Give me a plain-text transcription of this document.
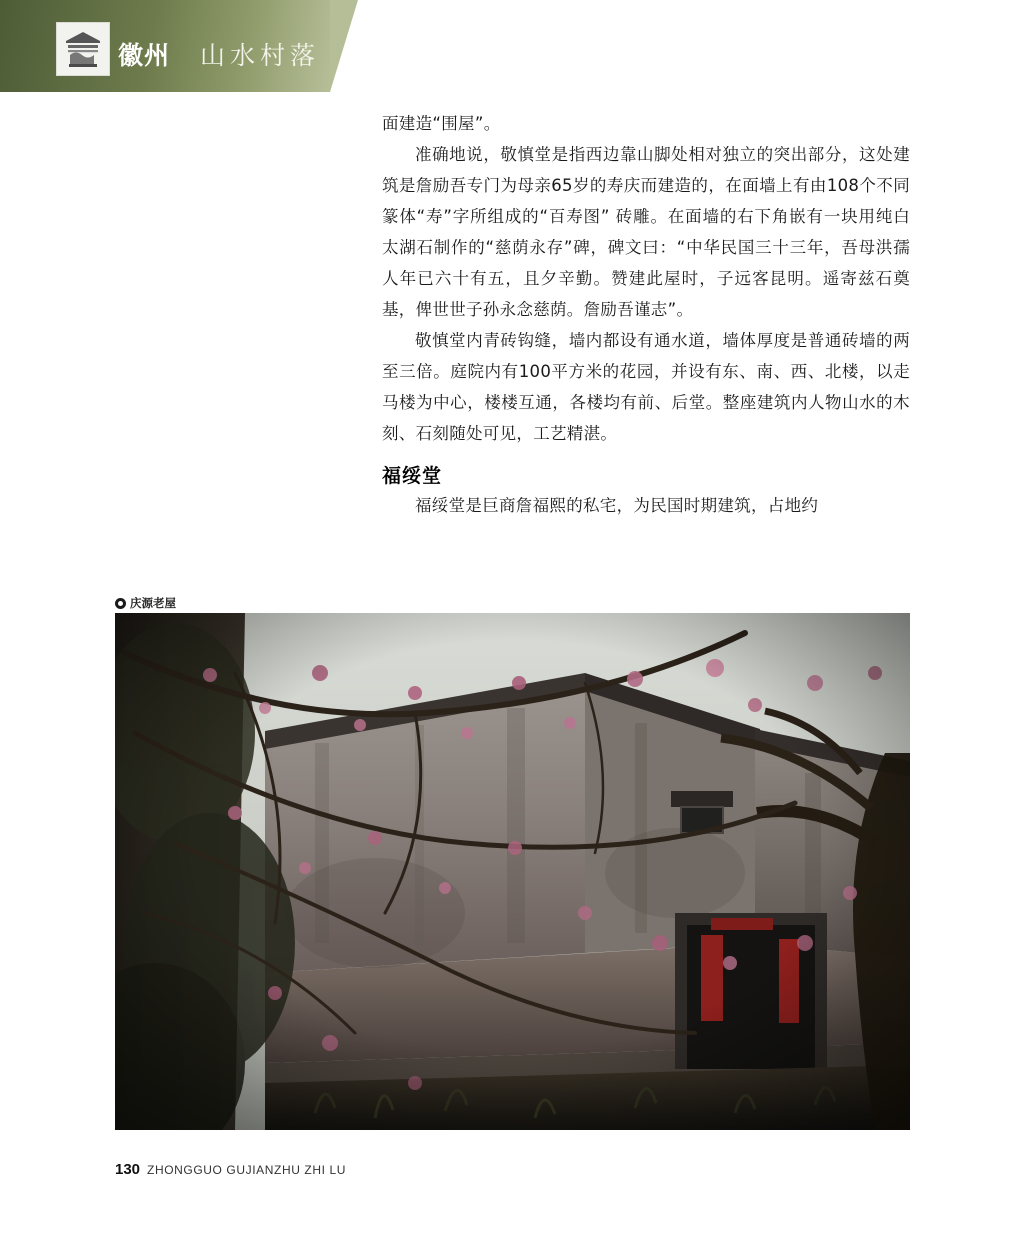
徽州 山水村落

面建造“围屋”。

准确地说，敬慎堂是指西边靠山脚处相对独立的突出部分，这处建筑是詹励吾专门为母亲65岁的寿庆而建造的，在面墙上有由108个不同篆体“寿”字所组成的“百寿图” 砖雕。在面墙的右下角嵌有一块用纯白太湖石制作的“慈荫永存”碑，碑文曰：“中华民国三十三年，吾母洪孺人年已六十有五，且夕辛勤。赞建此屋时，子远客昆明。遥寄兹石奠基，俾世世子孙永念慈荫。詹励吾谨志”。

敬慎堂内青砖钩缝，墙内都设有通水道，墙体厚度是普通砖墙的两至三倍。庭院内有100平方米的花园，并设有东、南、西、北楼，以走马楼为中心，楼楼互通，各楼均有前、后堂。整座建筑内人物山水的木刻、石刻随处可见，工艺精湛。

福绥堂

福绥堂是巨商詹福熙的私宅，为民国时期建筑，占地约

庆源老屋
130 ZHONGGUO GUJIANZHU ZHI LU
